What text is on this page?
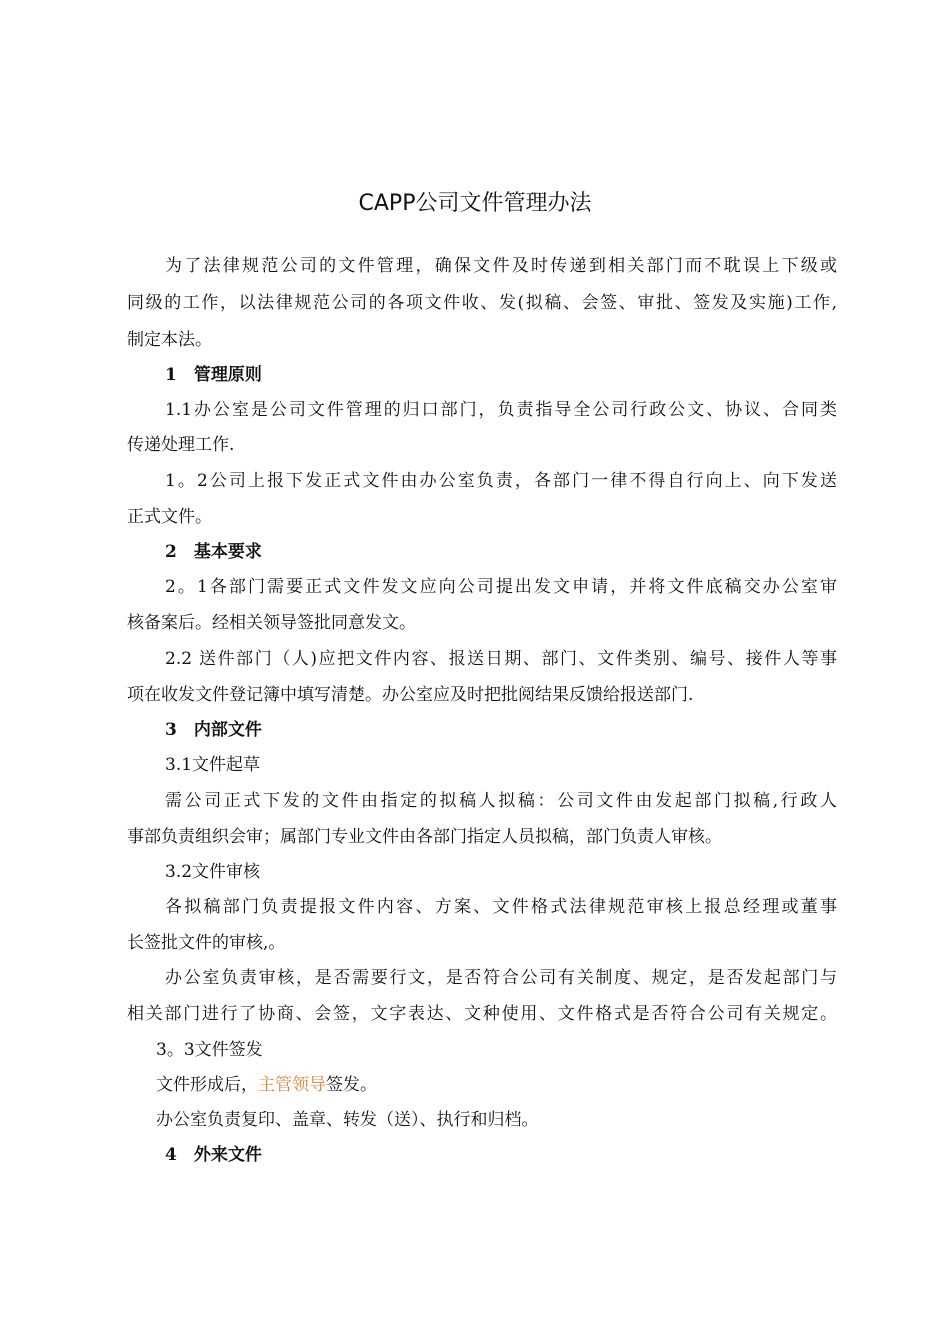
CAPP公司文件管理办法
为了法律规范公司的文件管理，确保文件及时传递到相关部门而不耽误上下级或
同级的工作，以法律规范公司的各项文件收、发(拟稿、会签、审批、签发及实施)工作,
制定本法。
1　管理原则
1.1办公室是公司文件管理的归口部门，负责指导全公司行政公文、协议、合同类
传递处理工作.
1。2公司上报下发正式文件由办公室负责，各部门一律不得自行向上、向下发送
正式文件。
2　基本要求
2。1各部门需要正式文件发文应向公司提出发文申请，并将文件底稿交办公室审
核备案后。经相关领导签批同意发文。
2.2 送件部门（人)应把文件内容、报送日期、部门、文件类别、编号、接件人等事
项在收发文件登记簿中填写清楚。办公室应及时把批阅结果反馈给报送部门.
3　内部文件
3.1文件起草
需公司正式下发的文件由指定的拟稿人拟稿：公司文件由发起部门拟稿,行政人
事部负责组织会审；属部门专业文件由各部门指定人员拟稿，部门负责人审核。
3.2文件审核
各拟稿部门负责提报文件内容、方案、文件格式法律规范审核上报总经理或董事
长签批文件的审核,。
办公室负责审核，是否需要行文，是否符合公司有关制度、规定，是否发起部门与
相关部门进行了协商、会签，文字表达、文种使用、文件格式是否符合公司有关规定。
3。3文件签发
文件形成后，主管领导签发。
办公室负责复印、盖章、转发（送）、执行和归档。
4　外来文件
